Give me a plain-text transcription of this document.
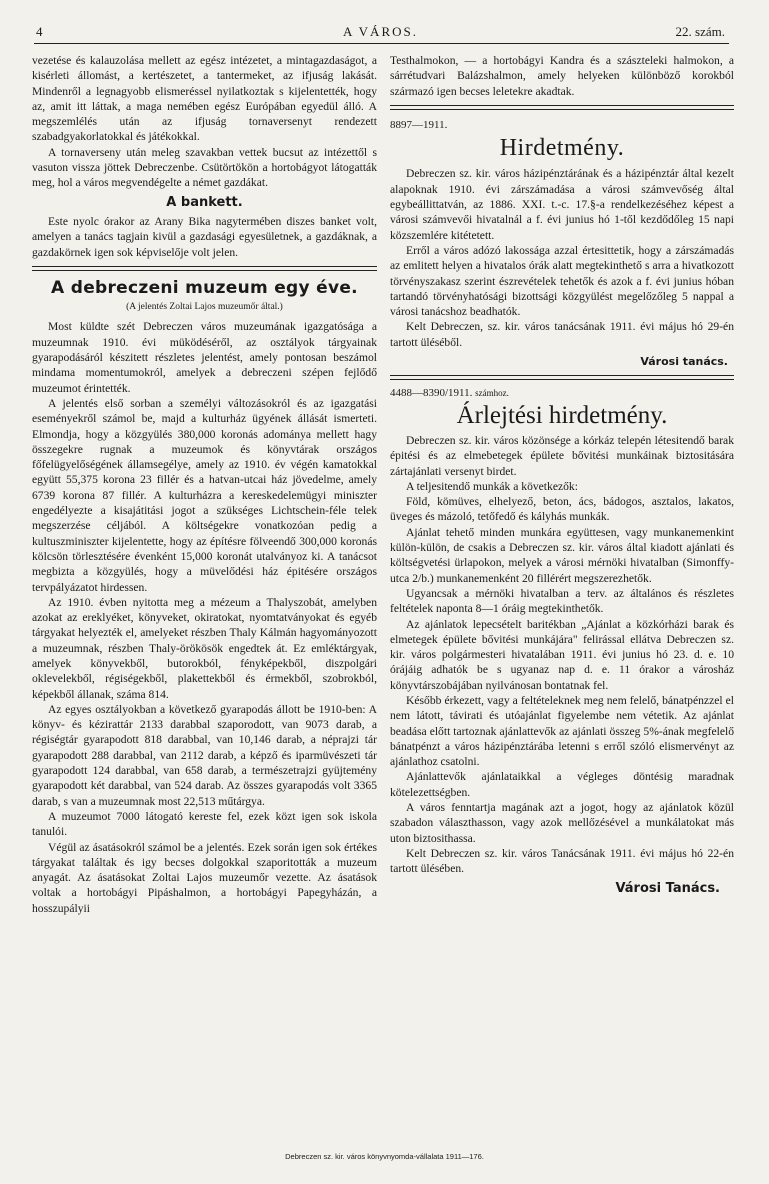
4	A VÁROS.	22. szám.

vezetése és kalauzolása mellett az egész intézetet, a mintagazdaságot, a kisérleti állomást, a kertészetet, a tantermeket, az ifjuság lakását. Mindenről a legnagyobb elismeréssel nyilatkoztak s kijelentették, hogy az, amit itt láttak, a maga nemében egész Európában egyedül álló. A megszemlélés után az ifjuság tornaversenyt rendezett szabadgyakorlatokkal és játékokkal.

A tornaverseny után meleg szavakban vettek bucsut az intézettől s vasuton vissza jöttek Debreczenbe. Csütörtökön a hortobágyot látogatták meg, hol a város megvendégelte a német gazdákat.

A bankett.

Este nyolc órakor az Arany Bika nagytermében diszes banket volt, amelyen a tanács tagjain kivül a gazdasági egyesületnek, a gazdáknak, a gazdakörnek igen sok képviselője volt jelen.

A debreczeni muzeum egy éve.
(A jelentés Zoltai Lajos muzeumőr által.)

Most küldte szét Debreczen város muzeumának igazgatósága a muzeumnak 1910. évi müködéséről, az osztályok tárgyainak gyarapodásáról készitett részletes jelentést, amely pontosan beszámol mindama momentumokról, amelyek a debreczeni szépen fejlődő muzeumot érintették.

A jelentés első sorban a személyi változásokról és az igazgatási eseményekről számol be, majd a kulturház ügyének állását ismerteti. Elmondja, hogy a közgyülés 380,000 koronás adománya mellett hagy összegekre rugnak a muzeumok és könyvtárak országos főfelügyelőségének államsegélye, amely az 1910. év végén kamatokkal együtt 55,375 korona 23 fillér és a hatvan-utcai ház jövedelme, amely 6739 korona 87 fillér. A kulturházra a kereskedelemügyi miniszter engedélyezte a kisajátitási jogot a szükséges Lichtschein-féle telek megszerzése céljából. A költségekre vonatkozóan pedig a kultuszminiszter kijelentette, hogy az építésre fölveendő 300,000 koronás kölcsön törlesztésére évenként 15,000 koronát utalványoz ki. A tanácsot megbizta a közgyülés, hogy a müvelődési ház épitésére országos tervpályázatot hirdessen.

Az 1910. évben nyitotta meg a mézeum a Thalyszobát, amelyben azokat az ereklyéket, könyveket, okiratokat, nyomtatványokat és egyéb tárgyakat helyezték el, amelyeket részben Thaly Kálmán hagyományozott a muzeumnak, részben Thaly-örökösök engedtek át. Ez emléktárgyak, amelyek könyvekből, butorokból, fényképekből, diszpolgári oklevelekből, régiségekből, plakettekből és érmekből, szobrokból, képekből állanak, száma 814.

Az egyes osztályokban a következő gyarapodás állott be 1910-ben: A könyv- és kézirattár 2133 darabbal szaporodott, van 9073 darab, a régiségtár gyarapodott 818 darabbal, van 10,146 darab, a néprajzi tár gyarapodott 288 darabbal, van 2112 darab, a képző és iparmüvészeti tár gyarapodott 124 darabbal, van 658 darab, a természetrajzi gyüjtemény gyarapodott két darabbal, van 524 darab. Az összes gyarapodás volt 3365 darab, s van a muzeumnak most 22,513 műtárgya.

A muzeumot 7000 látogató kereste fel, ezek közt igen sok iskola tanulói.

Végül az ásatásokról számol be a jelentés. Ezek során igen sok értékes tárgyakat találtak és igy becses dolgokkal szaporitották a muzeum anyagát. Az ásatásokat Zoltai Lajos muzeumőr vezette. Az ásatások voltak a hortobágyi Pipáshalmon, a hortobágyi Papegyházán, a hosszupályii

Testhalmokon, — a hortobágyi Kandra és a szászteleki halmokon, a sárrétudvari Balázshalmon, amely helyeken különböző korokból származó igen becses leletekre akadtak.

8897—1911.
Hirdetmény.

Debreczen sz. kir. város házipénztárának és a házipénztár által kezelt alapoknak 1910. évi zárszámadása a városi számvevőség által egybeállittatván, az 1886. XXI. t.-c. 17.§-a rendelkezéséhez képest a városi számvevői hivatalnál a f. évi junius hó 1-től kezdődőleg 15 napi közszemlére kitétetett.

Erről a város adózó lakossága azzal értesittetik, hogy a zárszámadás az emlitett helyen a hivatalos órák alatt megtekinthető s arra a hivatkozott törvényszakasz szerint észrevételek tehetők és azok a f. évi junius hóban tartandó törvényhatósági bizottsági közgyülést megelőzőleg 5 nappal a városi tanácshoz beadhatók.

Kelt Debreczen, sz. kir. város tanácsának 1911. évi május hó 29-én tartott üléséből.

Városi tanács.
4488—8390/1911. számhoz.
Árlejtési hirdetmény.

Debreczen sz. kir. város közönsége a kórkáz telepén létesitendő barak épitési és az elmebetegek épülete bővitési munkáinak biztositására zártajánlati versenyt birdet.

A teljesitendő munkák a következők:

Föld, kömüves, elhelyező, beton, ács, bádogos, asztalos, lakatos, üveges és mázoló, tetőfedő és kályhás munkák.

Ajánlat tehető minden munkára együttesen, vagy munkanemenkint külön-külön, de csakis a Debreczen sz. kir. város által kiadott ajánlati és költségvetési ürlapokon, melyek a városi mérnöki hivatalban (Simonffy-utca 2/b.) munkanemenként 20 fillérért megszerezhetők.

Ugyancsak a mérnöki hivatalban a terv. az általános és részletes feltételek naponta 8—1 óráig megtekinthetők.

Az ajánlatok lepecsételt baritékban „Ajánlat a közkórházi barak és elmetegek épülete bővitési munkájára" felirással ellátva Debreczen sz. kir. város polgármesteri hivatalában 1911. évi junius hó 23. d. e. 10 órájáig adhatók be s ugyanaz nap d. e. 11 órakor a városház könyvtárszobájában nyilvánosan bontatnak fel.

Később érkezett, vagy a feltételeknek meg nem felelő, bánatpénzzel el nem látott, távirati és utóajánlat figyelembe nem vétetik. Az ajánlat beadása előtt tartoznak ajánlattevők az ajánlati összeg 5%-ának megfelelő bánatpénzt a város házipénztárába letenni s erről szóló elismervényt az ajánlathoz csatolni.

Ajánlattevők ajánlataikkal a végleges döntésig maradnak kötelezettségben.

A város fenntartja magának azt a jogot, hogy az ajánlatok közül szabadon választhasson, vagy azok mellőzésével a munkálatokat más uton biztosithassa.

Kelt Debreczen sz. kir. város Tanácsának 1911. évi május hó 22-én tartott ülésében.

Városi Tanács.
Debreczen sz. kir. város könyvnyomda-vállalata 1911—176.
